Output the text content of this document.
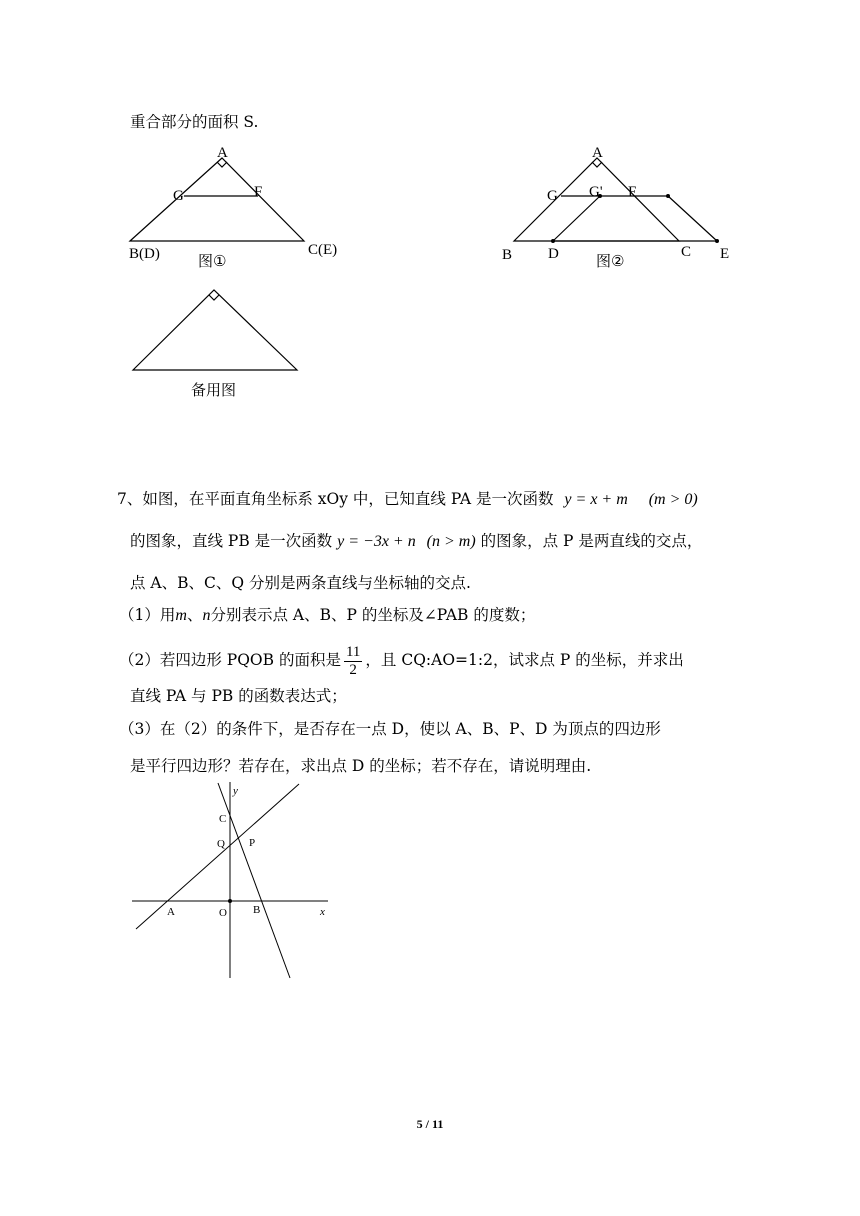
重合部分的面积 S.
A
G	F
B(D)	C(E)
图①
A
G G' F
B D	C E
图②
备用图
7、如图，在平面直角坐标系 xOy 中，已知直线 PA 是一次函数 y = x + m (m > 0)
的图象，直线 PB 是一次函数 y = −3x + n (n > m) 的图象，点 P 是两直线的交点，
点 A、B、C、Q 分别是两条直线与坐标轴的交点.
（1）用m、n分别表示点 A、B、P 的坐标及∠PAB 的度数；
（2）若四边形 PQOB 的面积是 $\frac{11}{2}$ ，且 CQ:AO=1:2，试求点 P 的坐标，并求出
直线 PA 与 PB 的函数表达式；
（3）在（2）的条件下，是否存在一点 D，使以 A、B、P、D 为顶点的四边形
是平行四边形？若存在，求出点 D 的坐标；若不存在，请说明理由.
y
x
C
Q P
A	O B
5 / 11
